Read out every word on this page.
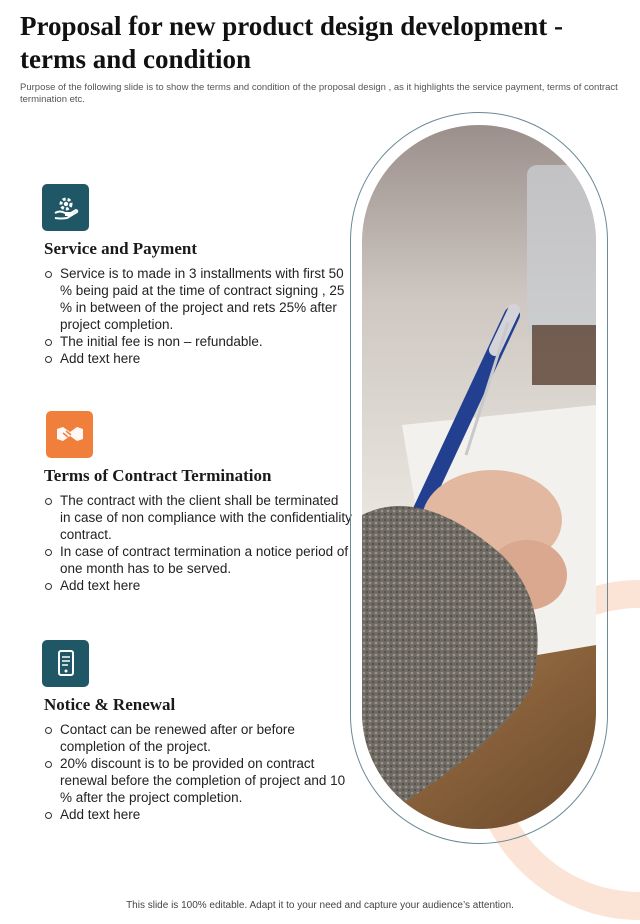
Proposal for new product design development - terms and condition
Purpose of the following slide is to show the terms and condition of the proposal design , as it highlights the service payment, terms of contract termination etc.
Service and Payment
Service is to made in 3 installments with first 50 % being paid at the time of contract signing , 25 % in between of the project and rets 25% after project completion.
The initial fee is non – refundable.
Add text here
Terms of Contract Termination
The contract with the client shall be terminated in case of non compliance with the confidentiality contract.
In case of contract termination a notice period of one month has to be served.
Add text here
Notice & Renewal
Contact can be renewed after or before completion of the project.
20% discount is to be provided on contract renewal before the completion of project and 10 % after the project completion.
Add text here
This slide is 100% editable. Adapt it to your need and capture your audience’s attention.
